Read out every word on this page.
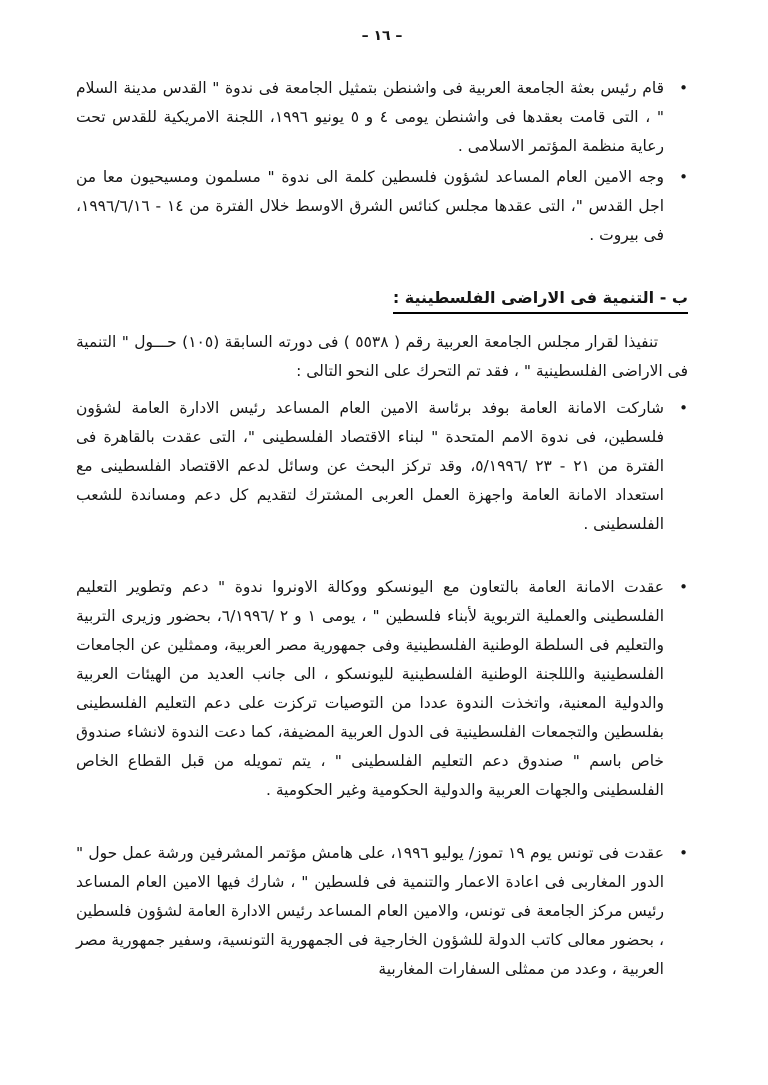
– ١٦ –
•

قام رئيس بعثة الجامعة العربية فى واشنطن بتمثيل الجامعة فى ندوة " القدس مدينة السلام " ، التى قامت بعقدها فى واشنطن يومى ٤ و ٥ يونيو ١٩٩٦، اللجنة الامريكية للقدس تحت رعاية منظمة المؤتمر الاسلامى .

•

وجه الامين العام المساعد لشؤون فلسطين كلمة الى ندوة " مسلمون ومسيحيون معا من اجل القدس "، التى عقدها مجلس كنائس الشرق الاوسط خلال الفترة من ١٤ - ١٩٩٦/٦/١٦، فى بيروت .

ب - التنمية فى الاراضى الفلسطينية :

تنفيذا لقرار مجلس الجامعة العربية رقم ( ٥٥٣٨ ) فى دورته السابقة (١٠٥) حـــول " التنمية فى الاراضى الفلسطينية " ، فقد تم التحرك على النحو التالى :

•

شاركت الامانة العامة بوفد برئاسة الامين العام المساعد رئيس الادارة العامة لشؤون فلسطين، فى ندوة الامم المتحدة " لبناء الاقتصاد الفلسطينى "، التى عقدت بالقاهرة فى الفترة من ٢١ - ٢٣ /٥/١٩٩٦، وقد تركز البحث عن وسائل لدعم الاقتصاد الفلسطينى مع استعداد الامانة العامة واجهزة العمل العربى المشترك لتقديم كل دعم ومساندة للشعب الفلسطينى .

•

عقدت الامانة العامة بالتعاون مع اليونسكو ووكالة الاونروا ندوة " دعم وتطوير التعليم الفلسطينى والعملية التربوية لأبناء فلسطين " ، يومى ١ و ٢ /٦/١٩٩٦، بحضور وزيرى التربية والتعليم فى السلطة الوطنية الفلسطينية وفى جمهورية مصر العربية، وممثلين عن الجامعات الفلسطينية والللجنة الوطنية الفلسطينية لليونسكو ، الى جانب العديد من الهيئات العربية والدولية المعنية، واتخذت الندوة عددا من التوصيات تركزت على دعم التعليم الفلسطينى بفلسطين والتجمعات الفلسطينية فى الدول العربية المضيفة، كما دعت الندوة لانشاء صندوق خاص باسم " صندوق دعم التعليم الفلسطينى " ، يتم تمويله من قبل القطاع الخاص الفلسطينى والجهات العربية والدولية الحكومية وغير الحكومية .

•

عقدت فى تونس يوم ١٩ تموز/ يوليو ١٩٩٦، على هامش مؤتمر المشرفين ورشة عمل حول " الدور المغاربى فى اعادة الاعمار والتنمية فى فلسطين " ، شارك فيها الامين العام المساعد رئيس مركز الجامعة فى تونس، والامين العام المساعد رئيس الادارة العامة لشؤون فلسطين ، بحضور معالى كاتب الدولة للشؤون الخارجية فى الجمهورية التونسية، وسفير جمهورية مصر العربية ، وعدد من ممثلى السفارات المغاربية
